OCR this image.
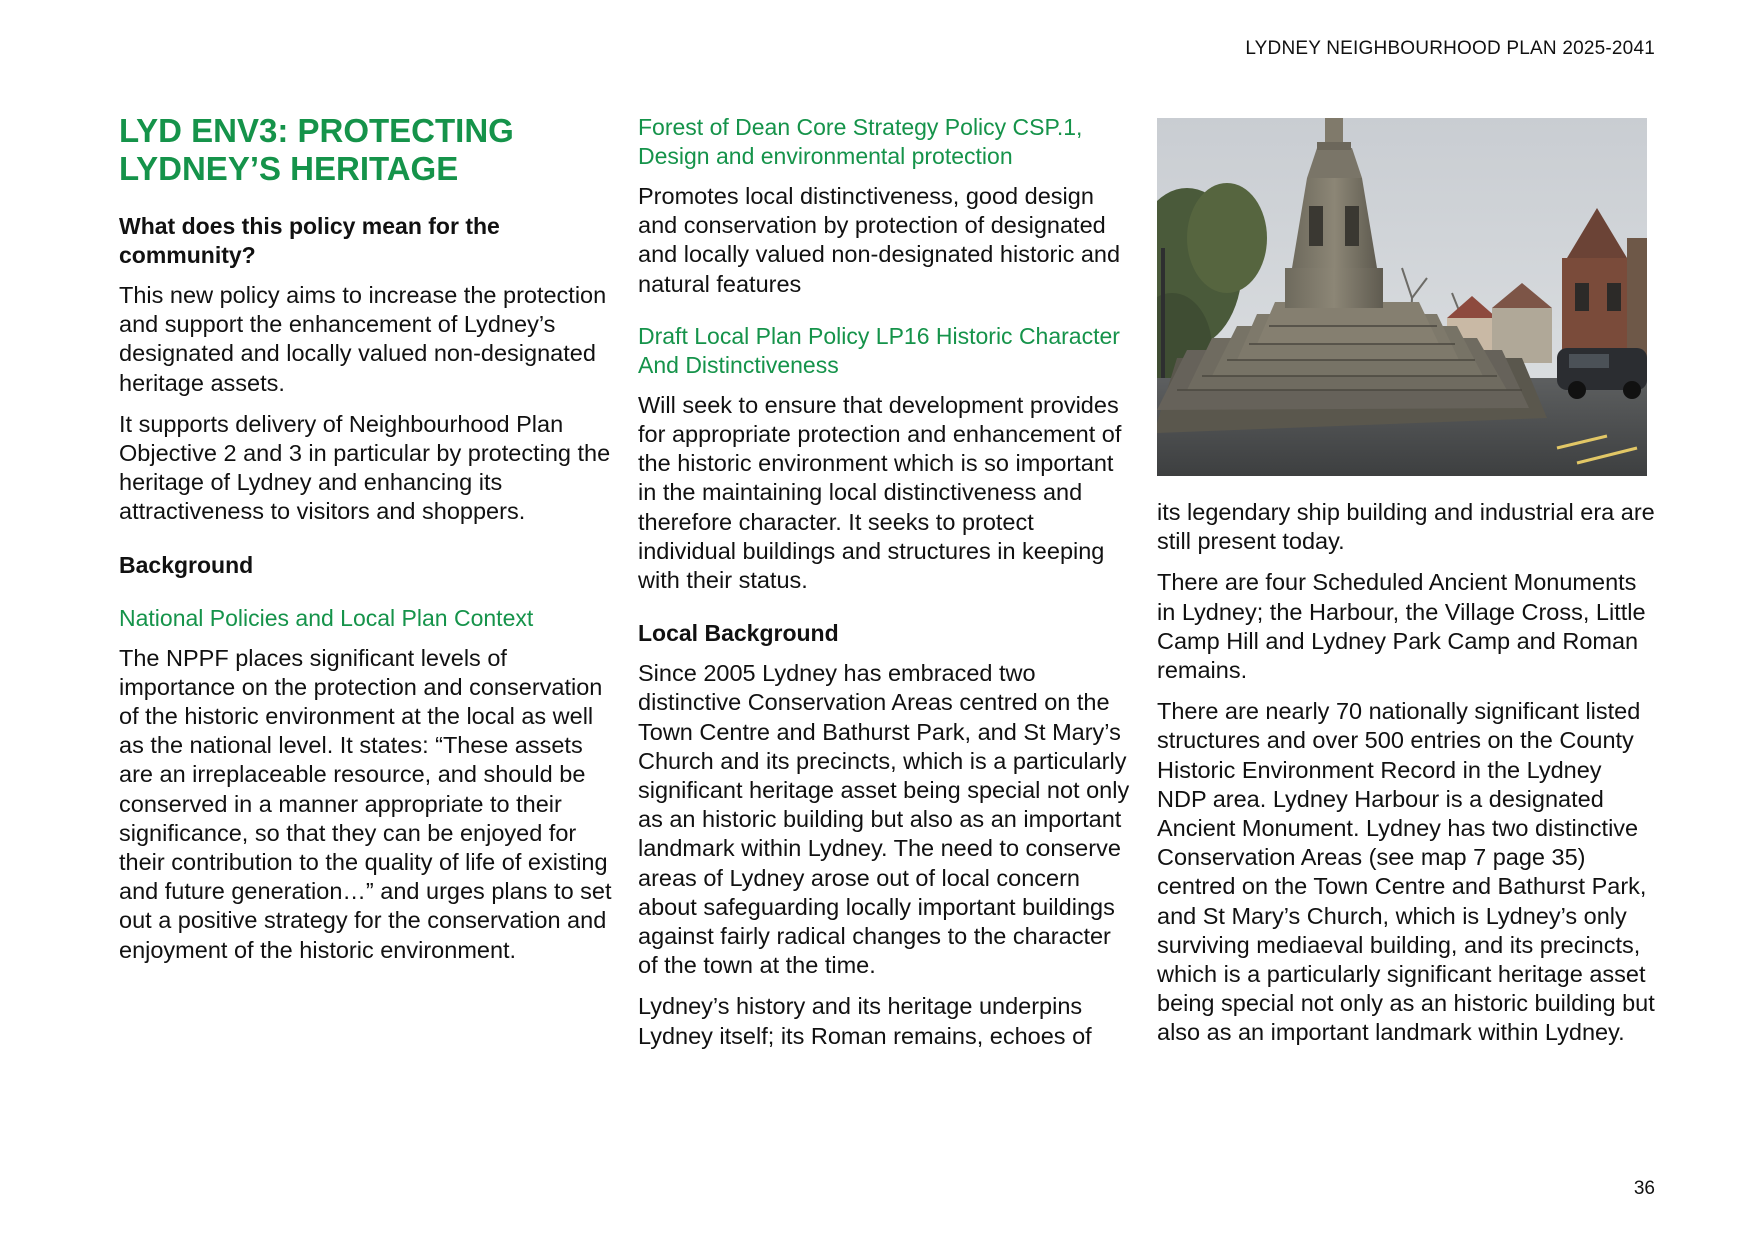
LYDNEY NEIGHBOURHOOD PLAN 2025-2041
LYD ENV3: PROTECTING LYDNEY’S HERITAGE
What does this policy mean for the community?

This new policy aims to increase the protection and support the enhancement of Lydney’s designated and locally valued non-designated heritage assets.

It supports delivery of Neighbourhood Plan Objective 2 and 3 in particular by protecting the heritage of Lydney and enhancing its attractiveness to visitors and shoppers.

Background
National Policies and Local Plan Context

The NPPF places significant levels of importance on the protection and conservation of the historic environment at the local as well as the national level. It states: “These assets are an irreplaceable resource, and should be conserved in a manner appropriate to their significance, so that they can be enjoyed for their contribution to the quality of life of existing and future generation…” and urges plans to set out a positive strategy for the conservation and enjoyment of the historic environment.

Forest of Dean Core Strategy Policy CSP.1, Design and environmental protection

Promotes local distinctiveness, good design and conservation by protection of designated and locally valued non-designated historic and natural features

Draft Local Plan Policy LP16 Historic Character And Distinctiveness

Will seek to ensure that development provides for appropriate protection and enhancement of the historic environment which is so important in the maintaining local distinctiveness and therefore character. It seeks to protect individual buildings and structures in keeping with their status.

Local Background

Since 2005 Lydney has embraced two distinctive Conservation Areas centred on the Town Centre and Bathurst Park, and St Mary’s Church and its precincts, which is a particularly significant heritage asset being special not only as an historic building but also as an important landmark within Lydney. The need to conserve areas of Lydney arose out of local concern about safeguarding locally important buildings against fairly radical changes to the character of the town at the time.

Lydney’s history and its heritage underpins Lydney itself; its Roman remains, echoes of

its legendary ship building and industrial era are still present today.

There are four Scheduled Ancient Monuments in Lydney; the Harbour, the Village Cross, Little Camp Hill and Lydney Park Camp and Roman remains.

There are nearly 70 nationally significant listed structures and over 500 entries on the County Historic Environment Record in the Lydney NDP area. Lydney Harbour is a designated Ancient Monument. Lydney has two distinctive Conservation Areas (see map 7 page 35) centred on the Town Centre and Bathurst Park, and St Mary’s Church, which is Lydney’s only surviving mediaeval building, and its precincts, which is a particularly significant heritage asset being special not only as an historic building but also as an important landmark within Lydney.

36
